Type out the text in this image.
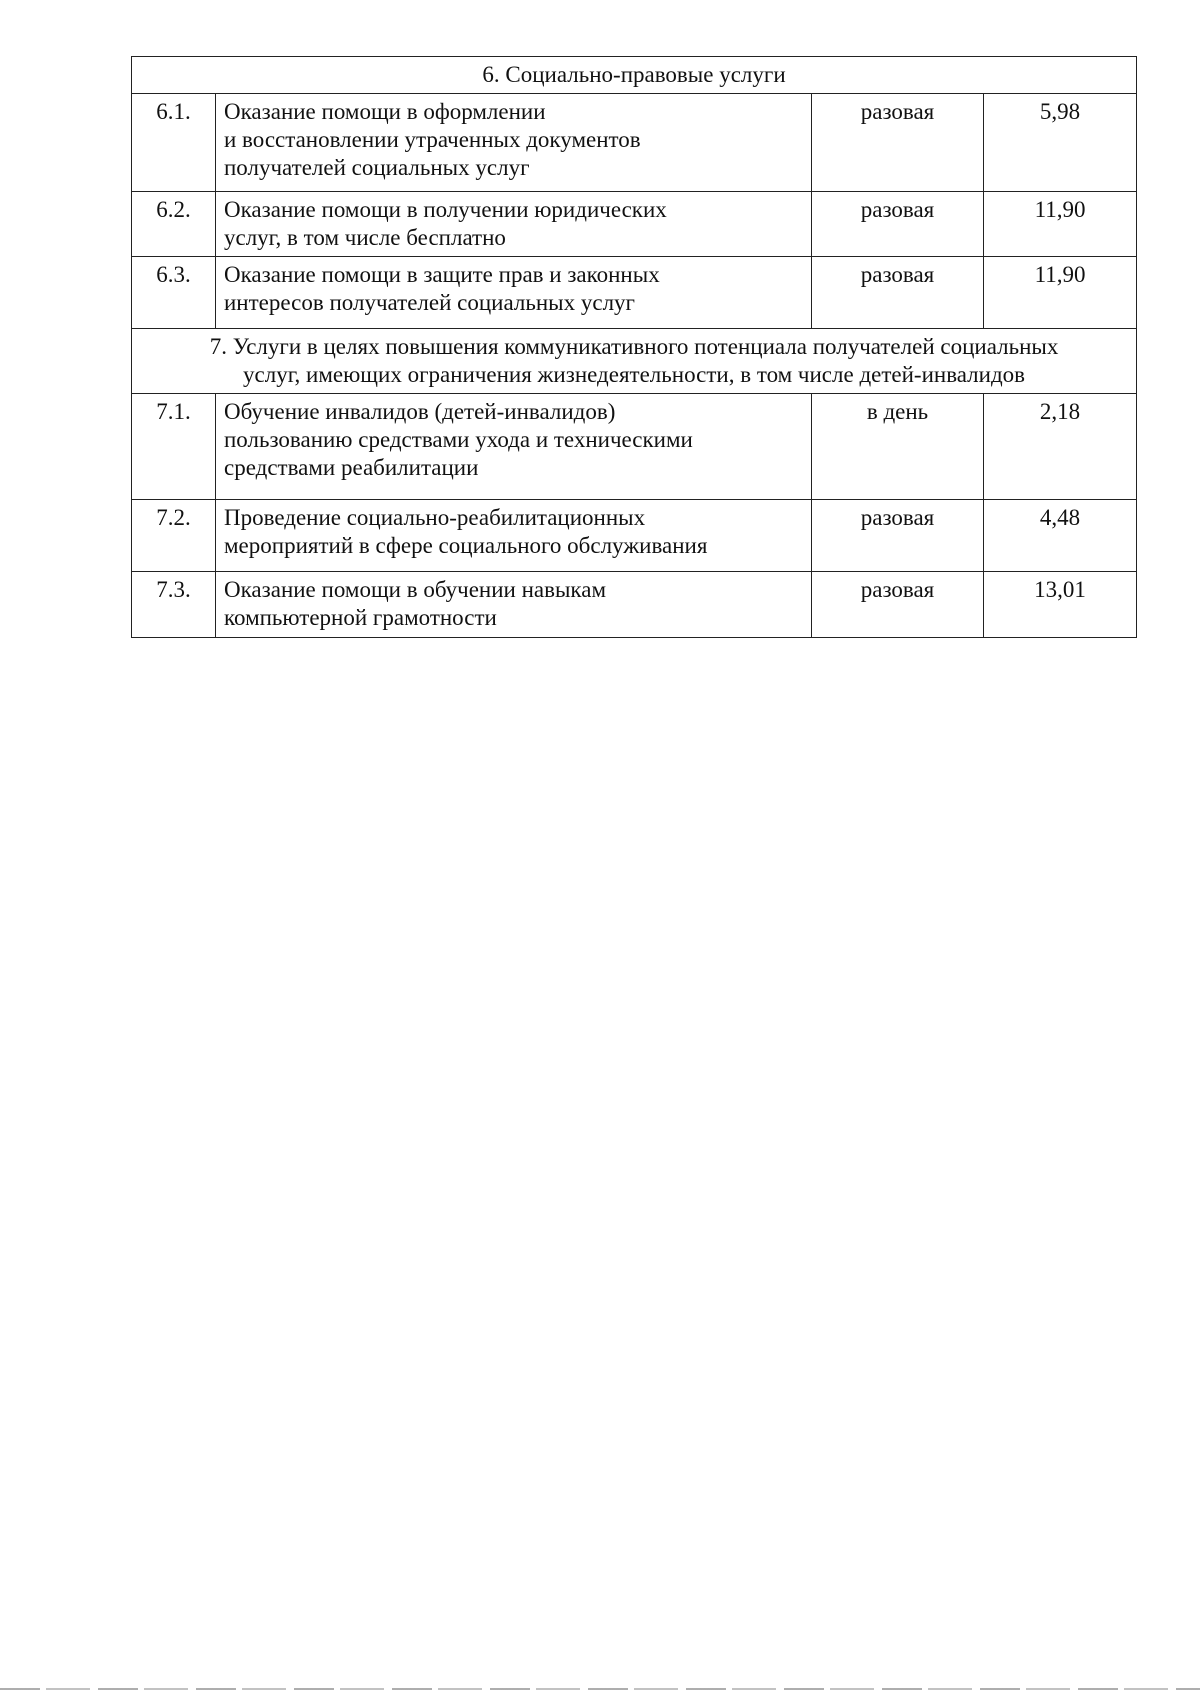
6. Социально-правовые услуги			
6.1.	Оказание помощи в оформлении
и восстановлении утраченных документов
получателей социальных услуг	разовая	5,98
6.2.	Оказание помощи в получении юридических
услуг, в том числе бесплатно	разовая	11,90
6.3.	Оказание помощи в защите прав и законных
интересов получателей социальных услуг	разовая	11,90

7. Услуги в целях повышения коммуникативного потенциала получателей социальных
услуг, имеющих ограничения жизнедеятельности, в том числе детей-инвалидов			

7.1.	Обучение инвалидов (детей-инвалидов)
пользованию средствами ухода и техническими
средствами реабилитации	в день	2,18
7.2.	Проведение социально-реабилитационных
мероприятий в сфере социального обслуживания	разовая	4,48
7.3.	Оказание помощи в обучении навыкам
компьютерной грамотности	разовая	13,01
